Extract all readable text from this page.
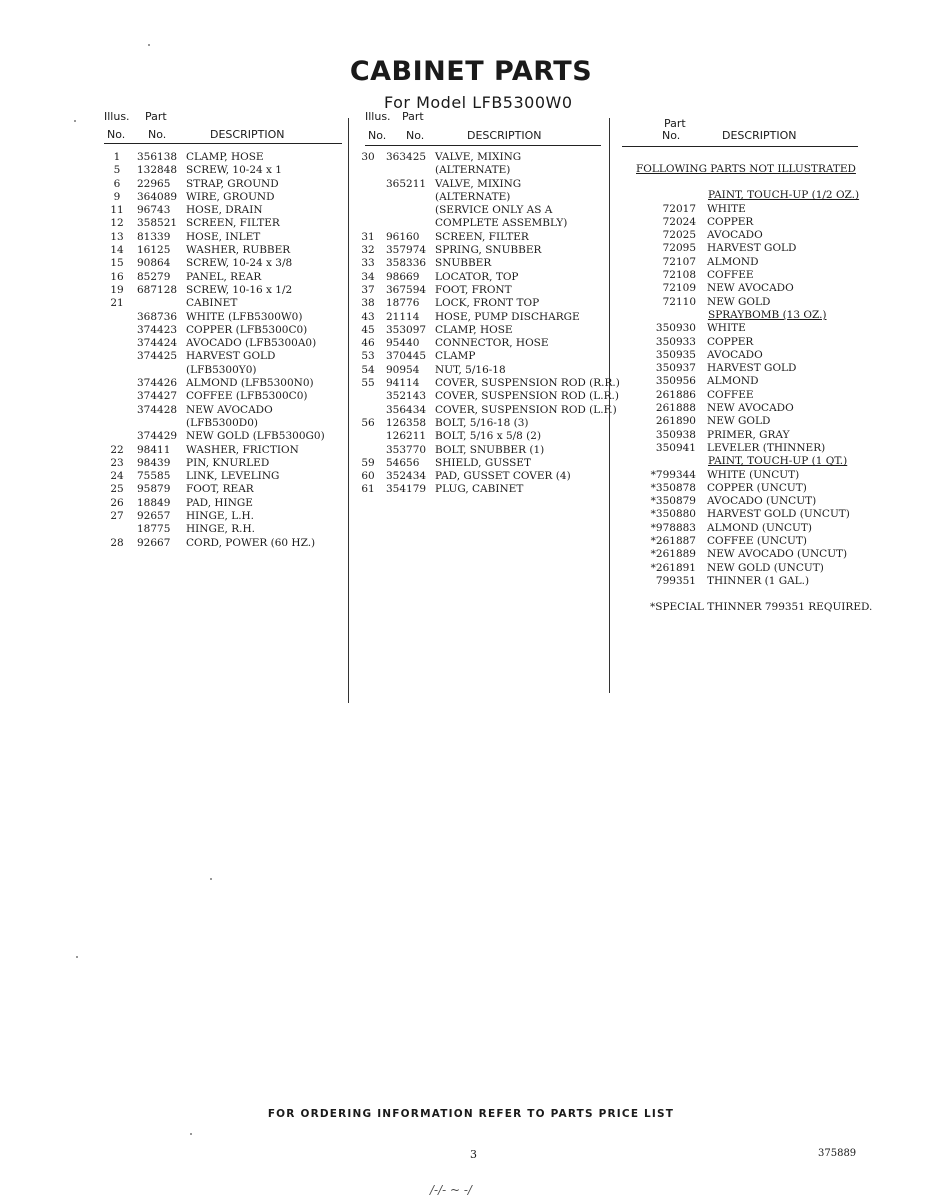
CABINET PARTS
For Model LFB5300W0
Illus. Part
No. No.	DESCRIPTION
Illus. Part
No. No.	DESCRIPTION
Part
No.	DESCRIPTION
1	356138 CLAMP, HOSE
5	132848 SCREW, 10-24 x 1
6	22965 STRAP, GROUND
9	364089 WIRE, GROUND
11	96743 HOSE, DRAIN
12	358521 SCREEN, FILTER
13	81339 HOSE, INLET
14	16125 WASHER, RUBBER
15	90864 SCREW, 10-24 x 3/8
16	85279 PANEL, REAR
19	687128 SCREW, 10-16 x 1/2
21	CABINET
368736 WHITE (LFB5300W0)
374423 COPPER (LFB5300C0)
374424 AVOCADO (LFB5300A0)
374425 HARVEST GOLD
(LFB5300Y0)
374426 ALMOND (LFB5300N0)
374427 COFFEE (LFB5300C0)
374428 NEW AVOCADO
(LFB5300D0)
374429 NEW GOLD (LFB5300G0)
22	98411 WASHER, FRICTION
23	98439 PIN, KNURLED
24	75585 LINK, LEVELING
25	95879 FOOT, REAR
26	18849 PAD, HINGE
27	92657 HINGE, L.H.
18775 HINGE, R.H.
28	92667 CORD, POWER (60 HZ.)
30	363425 VALVE, MIXING
(ALTERNATE)
365211 VALVE, MIXING
(ALTERNATE)
(SERVICE ONLY AS A
COMPLETE ASSEMBLY)
31	96160 SCREEN, FILTER
32	357974 SPRING, SNUBBER
33	358336 SNUBBER
34	98669 LOCATOR, TOP
37	367594 FOOT, FRONT
38	18776 LOCK, FRONT TOP
43	21114 HOSE, PUMP DISCHARGE
45	353097 CLAMP, HOSE
46	95440 CONNECTOR, HOSE
53	370445 CLAMP
54	90954 NUT, 5/16-18
55	94114 COVER, SUSPENSION ROD (R.R.)
352143 COVER, SUSPENSION ROD (L.R.)
356434 COVER, SUSPENSION ROD (L.F.)
56	126358 BOLT, 5/16-18 (3)
126211 BOLT, 5/16 x 5/8 (2)
353770 BOLT, SNUBBER (1)
59	54656 SHIELD, GUSSET
60	352434 PAD, GUSSET COVER (4)
61	354179 PLUG, CABINET
FOLLOWING PARTS NOT ILLUSTRATED
PAINT, TOUCH-UP (1/2 OZ.)
72017 WHITE
72024 COPPER
72025 AVOCADO
72095 HARVEST GOLD
72107 ALMOND
72108 COFFEE
72109 NEW AVOCADO
72110 NEW GOLD
SPRAYBOMB (13 OZ.)
350930 WHITE
350933 COPPER
350935 AVOCADO
350937 HARVEST GOLD
350956 ALMOND
261886 COFFEE
261888 NEW AVOCADO
261890 NEW GOLD
350938 PRIMER, GRAY
350941 LEVELER (THINNER)
PAINT, TOUCH-UP (1 QT.)
*799344 WHITE (UNCUT)
*350878 COPPER (UNCUT)
*350879 AVOCADO (UNCUT)
*350880 HARVEST GOLD (UNCUT)
*978883 ALMOND (UNCUT)
*261887 COFFEE (UNCUT)
*261889 NEW AVOCADO (UNCUT)
*261891 NEW GOLD (UNCUT)
799351 THINNER (1 GAL.)
*SPECIAL THINNER 799351 REQUIRED.
FOR ORDERING INFORMATION REFER TO PARTS PRICE LIST
3	375889
/-/- ~ -/
